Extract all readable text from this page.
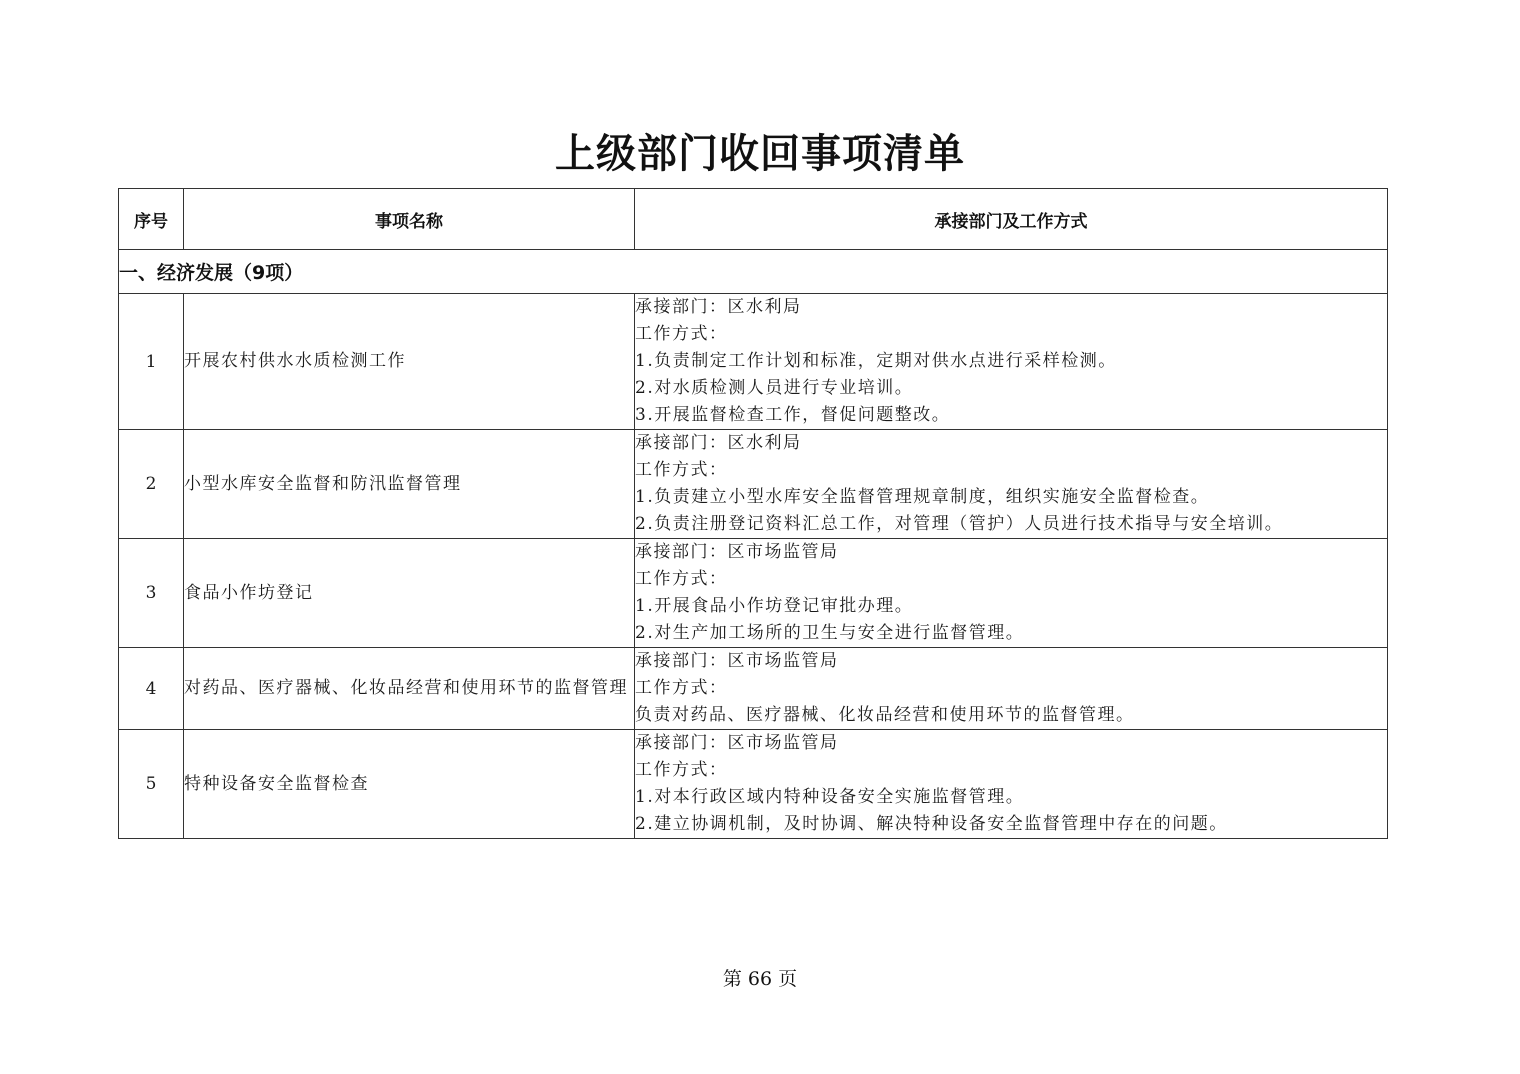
上级部门收回事项清单
序号	事项名称	承接部门及工作方式
一、经济发展（9项）		
1	开展农村供水水质检测工作	承接部门：区水利局
工作方式：
1.负责制定工作计划和标准，定期对供水点进行采样检测。
2.对水质检测人员进行专业培训。
3.开展监督检查工作，督促问题整改。

2	小型水库安全监督和防汛监督管理	承接部门：区水利局
工作方式：
1.负责建立小型水库安全监督管理规章制度，组织实施安全监督检查。
2.负责注册登记资料汇总工作，对管理（管护）人员进行技术指导与安全培训。

3	食品小作坊登记	承接部门：区市场监管局
工作方式：
1.开展食品小作坊登记审批办理。
2.对生产加工场所的卫生与安全进行监督管理。

4	对药品、医疗器械、化妆品经营和使用环节的监督管理	承接部门：区市场监管局
工作方式：
负责对药品、医疗器械、化妆品经营和使用环节的监督管理。

5	特种设备安全监督检查	承接部门：区市场监管局
工作方式：
1.对本行政区域内特种设备安全实施监督管理。
2.建立协调机制，及时协调、解决特种设备安全监督管理中存在的问题。
第 66 页
